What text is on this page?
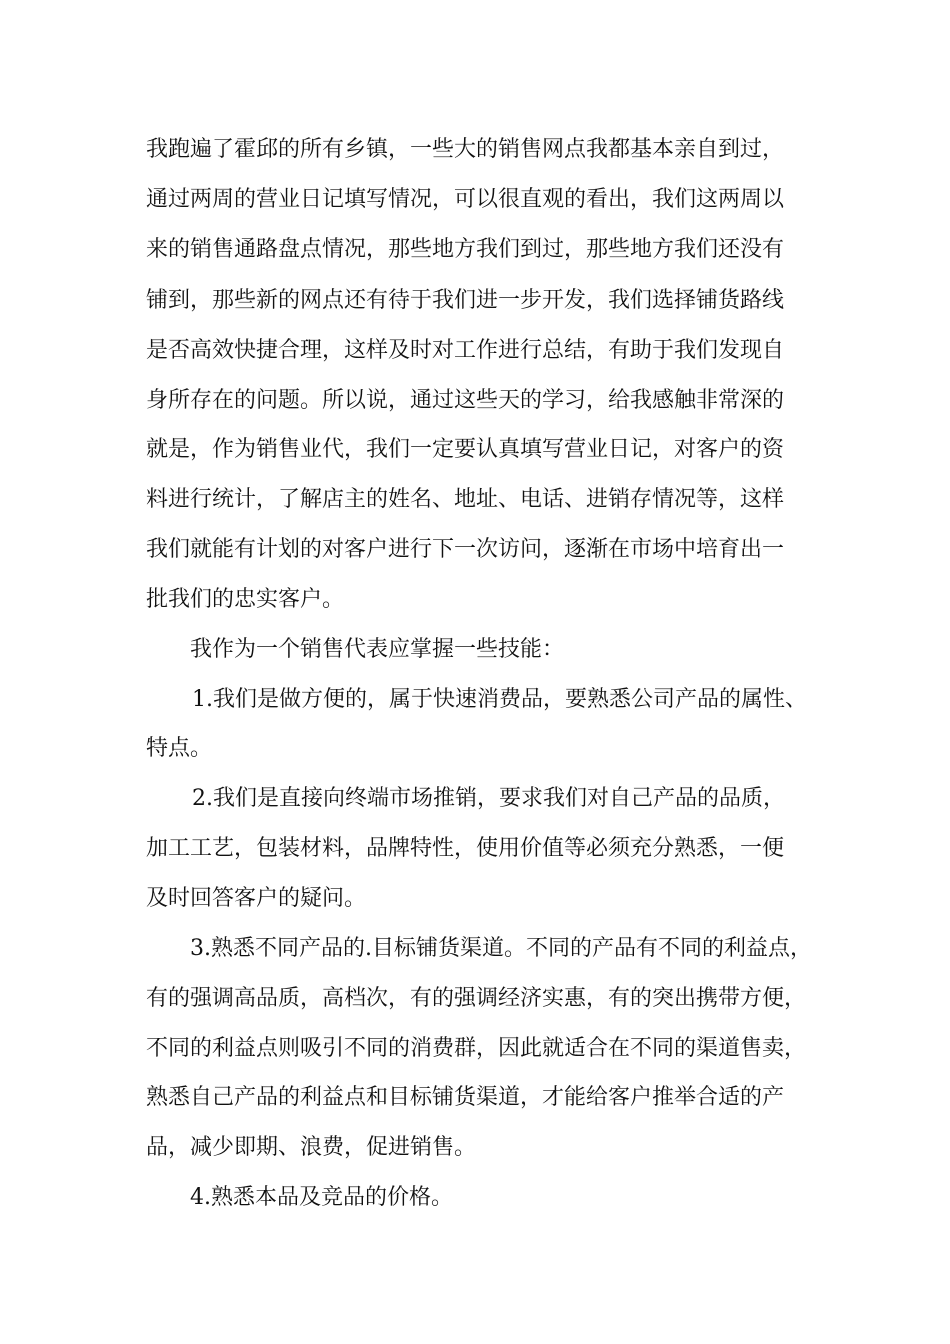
我跑遍了霍邱的所有乡镇，一些大的销售网点我都基本亲自到过，
通过两周的营业日记填写情况，可以很直观的看出，我们这两周以
来的销售通路盘点情况，那些地方我们到过，那些地方我们还没有
铺到，那些新的网点还有待于我们进一步开发，我们选择铺货路线
是否高效快捷合理，这样及时对工作进行总结，有助于我们发现自
身所存在的问题。所以说，通过这些天的学习，给我感触非常深的
就是，作为销售业代，我们一定要认真填写营业日记，对客户的资
料进行统计，了解店主的姓名、地址、电话、进销存情况等，这样
我们就能有计划的对客户进行下一次访问，逐渐在市场中培育出一
批我们的忠实客户。
我作为一个销售代表应掌握一些技能：
1.我们是做方便的，属于快速消费品，要熟悉公司产品的属性、
特点。
2.我们是直接向终端市场推销，要求我们对自己产品的品质，
加工工艺，包装材料，品牌特性，使用价值等必须充分熟悉，一便
及时回答客户的疑问。
3.熟悉不同产品的.目标铺货渠道。不同的产品有不同的利益点，
有的强调高品质，高档次，有的强调经济实惠，有的突出携带方便，
不同的利益点则吸引不同的消费群，因此就适合在不同的渠道售卖，
熟悉自己产品的利益点和目标铺货渠道，才能给客户推举合适的产
品，减少即期、浪费，促进销售。
4.熟悉本品及竞品的价格。
